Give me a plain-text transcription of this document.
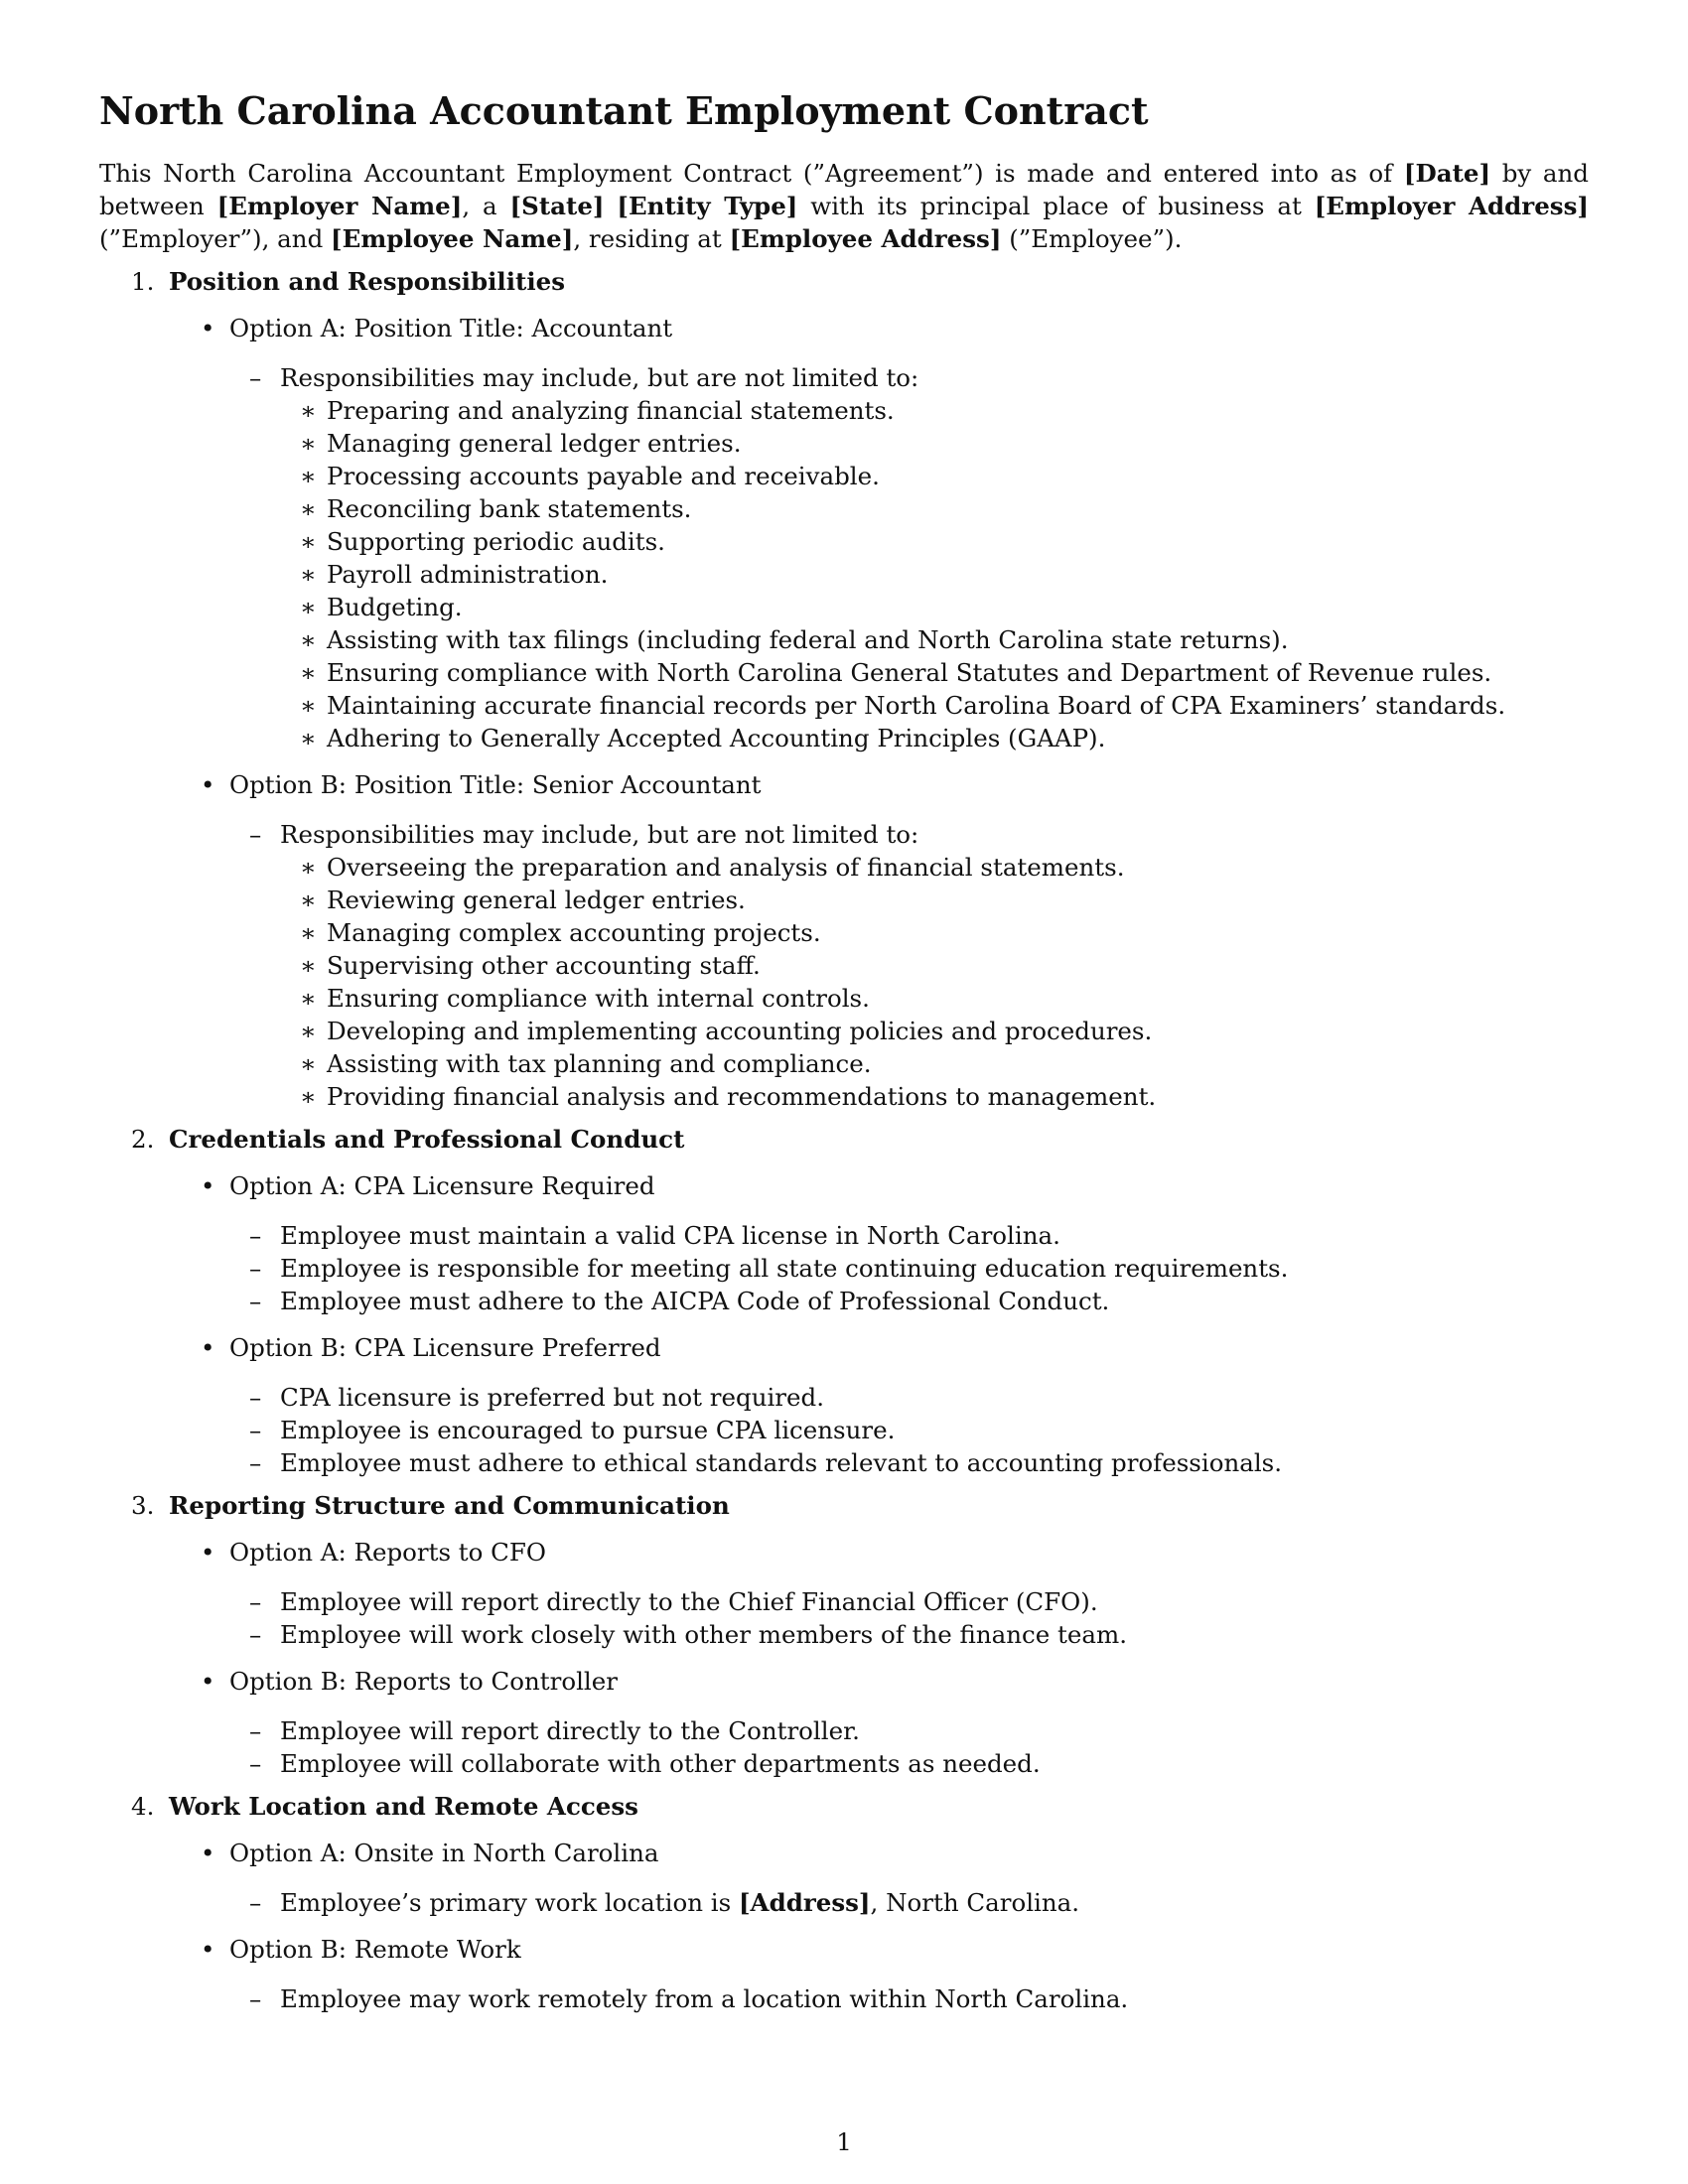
North Carolina Accountant Employment Contract

This North Carolina Accountant Employment Contract (”Agreement”) is made and entered into as of [Date] by and between [Employer Name], a [State] [Entity Type] with its principal place of business at [Employer Address] (”Employer”), and [Employee Name], residing at [Employee Address] (”Employee”).

1. Position and Responsibilities
• Option A: Position Title: Accountant
– Responsibilities may include, but are not limited to:
∗ Preparing and analyzing financial statements.
∗ Managing general ledger entries.
∗ Processing accounts payable and receivable.
∗ Reconciling bank statements.
∗ Supporting periodic audits.
∗ Payroll administration.
∗ Budgeting.
∗ Assisting with tax filings (including federal and North Carolina state returns).
∗ Ensuring compliance with North Carolina General Statutes and Department of Revenue rules.
∗ Maintaining accurate financial records per North Carolina Board of CPA Examiners’ standards.
∗ Adhering to Generally Accepted Accounting Principles (GAAP).
• Option B: Position Title: Senior Accountant
– Responsibilities may include, but are not limited to:
∗ Overseeing the preparation and analysis of financial statements.
∗ Reviewing general ledger entries.
∗ Managing complex accounting projects.
∗ Supervising other accounting staff.
∗ Ensuring compliance with internal controls.
∗ Developing and implementing accounting policies and procedures.
∗ Assisting with tax planning and compliance.
∗ Providing financial analysis and recommendations to management.
2. Credentials and Professional Conduct
• Option A: CPA Licensure Required
– Employee must maintain a valid CPA license in North Carolina.
– Employee is responsible for meeting all state continuing education requirements.
– Employee must adhere to the AICPA Code of Professional Conduct.
• Option B: CPA Licensure Preferred
– CPA licensure is preferred but not required.
– Employee is encouraged to pursue CPA licensure.
– Employee must adhere to ethical standards relevant to accounting professionals.
3. Reporting Structure and Communication
• Option A: Reports to CFO
– Employee will report directly to the Chief Financial Officer (CFO).
– Employee will work closely with other members of the finance team.
• Option B: Reports to Controller
– Employee will report directly to the Controller.
– Employee will collaborate with other departments as needed.
4. Work Location and Remote Access
• Option A: Onsite in North Carolina
– Employee’s primary work location is [Address], North Carolina.
• Option B: Remote Work
– Employee may work remotely from a location within North Carolina.
1
